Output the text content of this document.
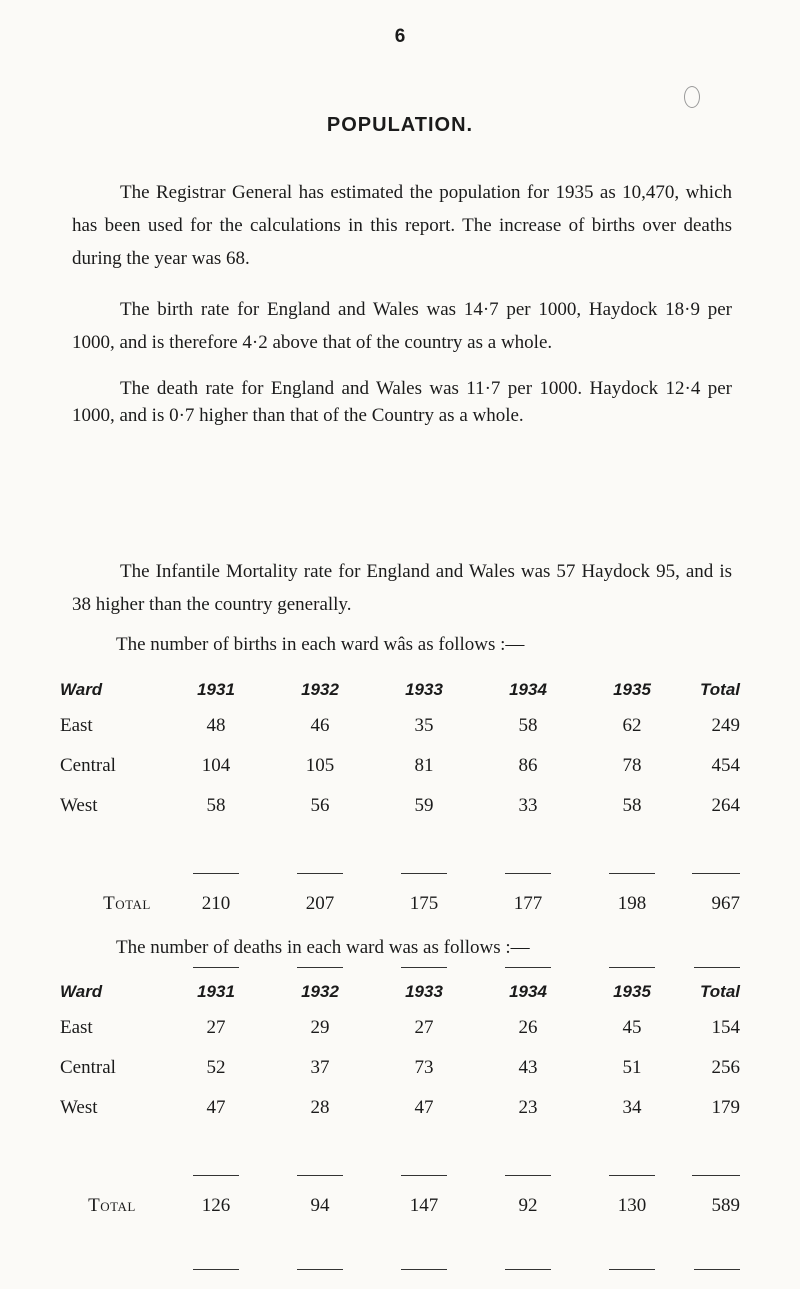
6
POPULATION.

The Registrar General has estimated the population for 1935 as 10,470, which has been used for the calculations in this report. The increase of births over deaths during the year was 68.

The birth rate for England and Wales was 14·7 per 1000, Haydock 18·9 per 1000, and is therefore 4·2 above that of the country as a whole.

The death rate for England and Wales was 11·7 per 1000. Haydock 12·4 per 1000, and is 0·7 higher than that of the Country as a whole.

The Infantile Mortality rate for England and Wales was 57 Haydock 95, and is 38 higher than the country generally.

The number of births in each ward wâs as follows :—

Ward	1931	1932	1933	1934	1935	Total
East	48	46	35	58	62	249
Central	104	105	81	86	78	454
West	58	56	59	33	58	264

Total	210	207	175	177	198	967

The number of deaths in each ward was as follows :—

Ward	1931	1932	1933	1934	1935	Total
East	27	29	27	26	45	154
Central	52	37	73	43	51	256
West	47	28	47	23	34	179

Total	126	94	147	92	130	589
